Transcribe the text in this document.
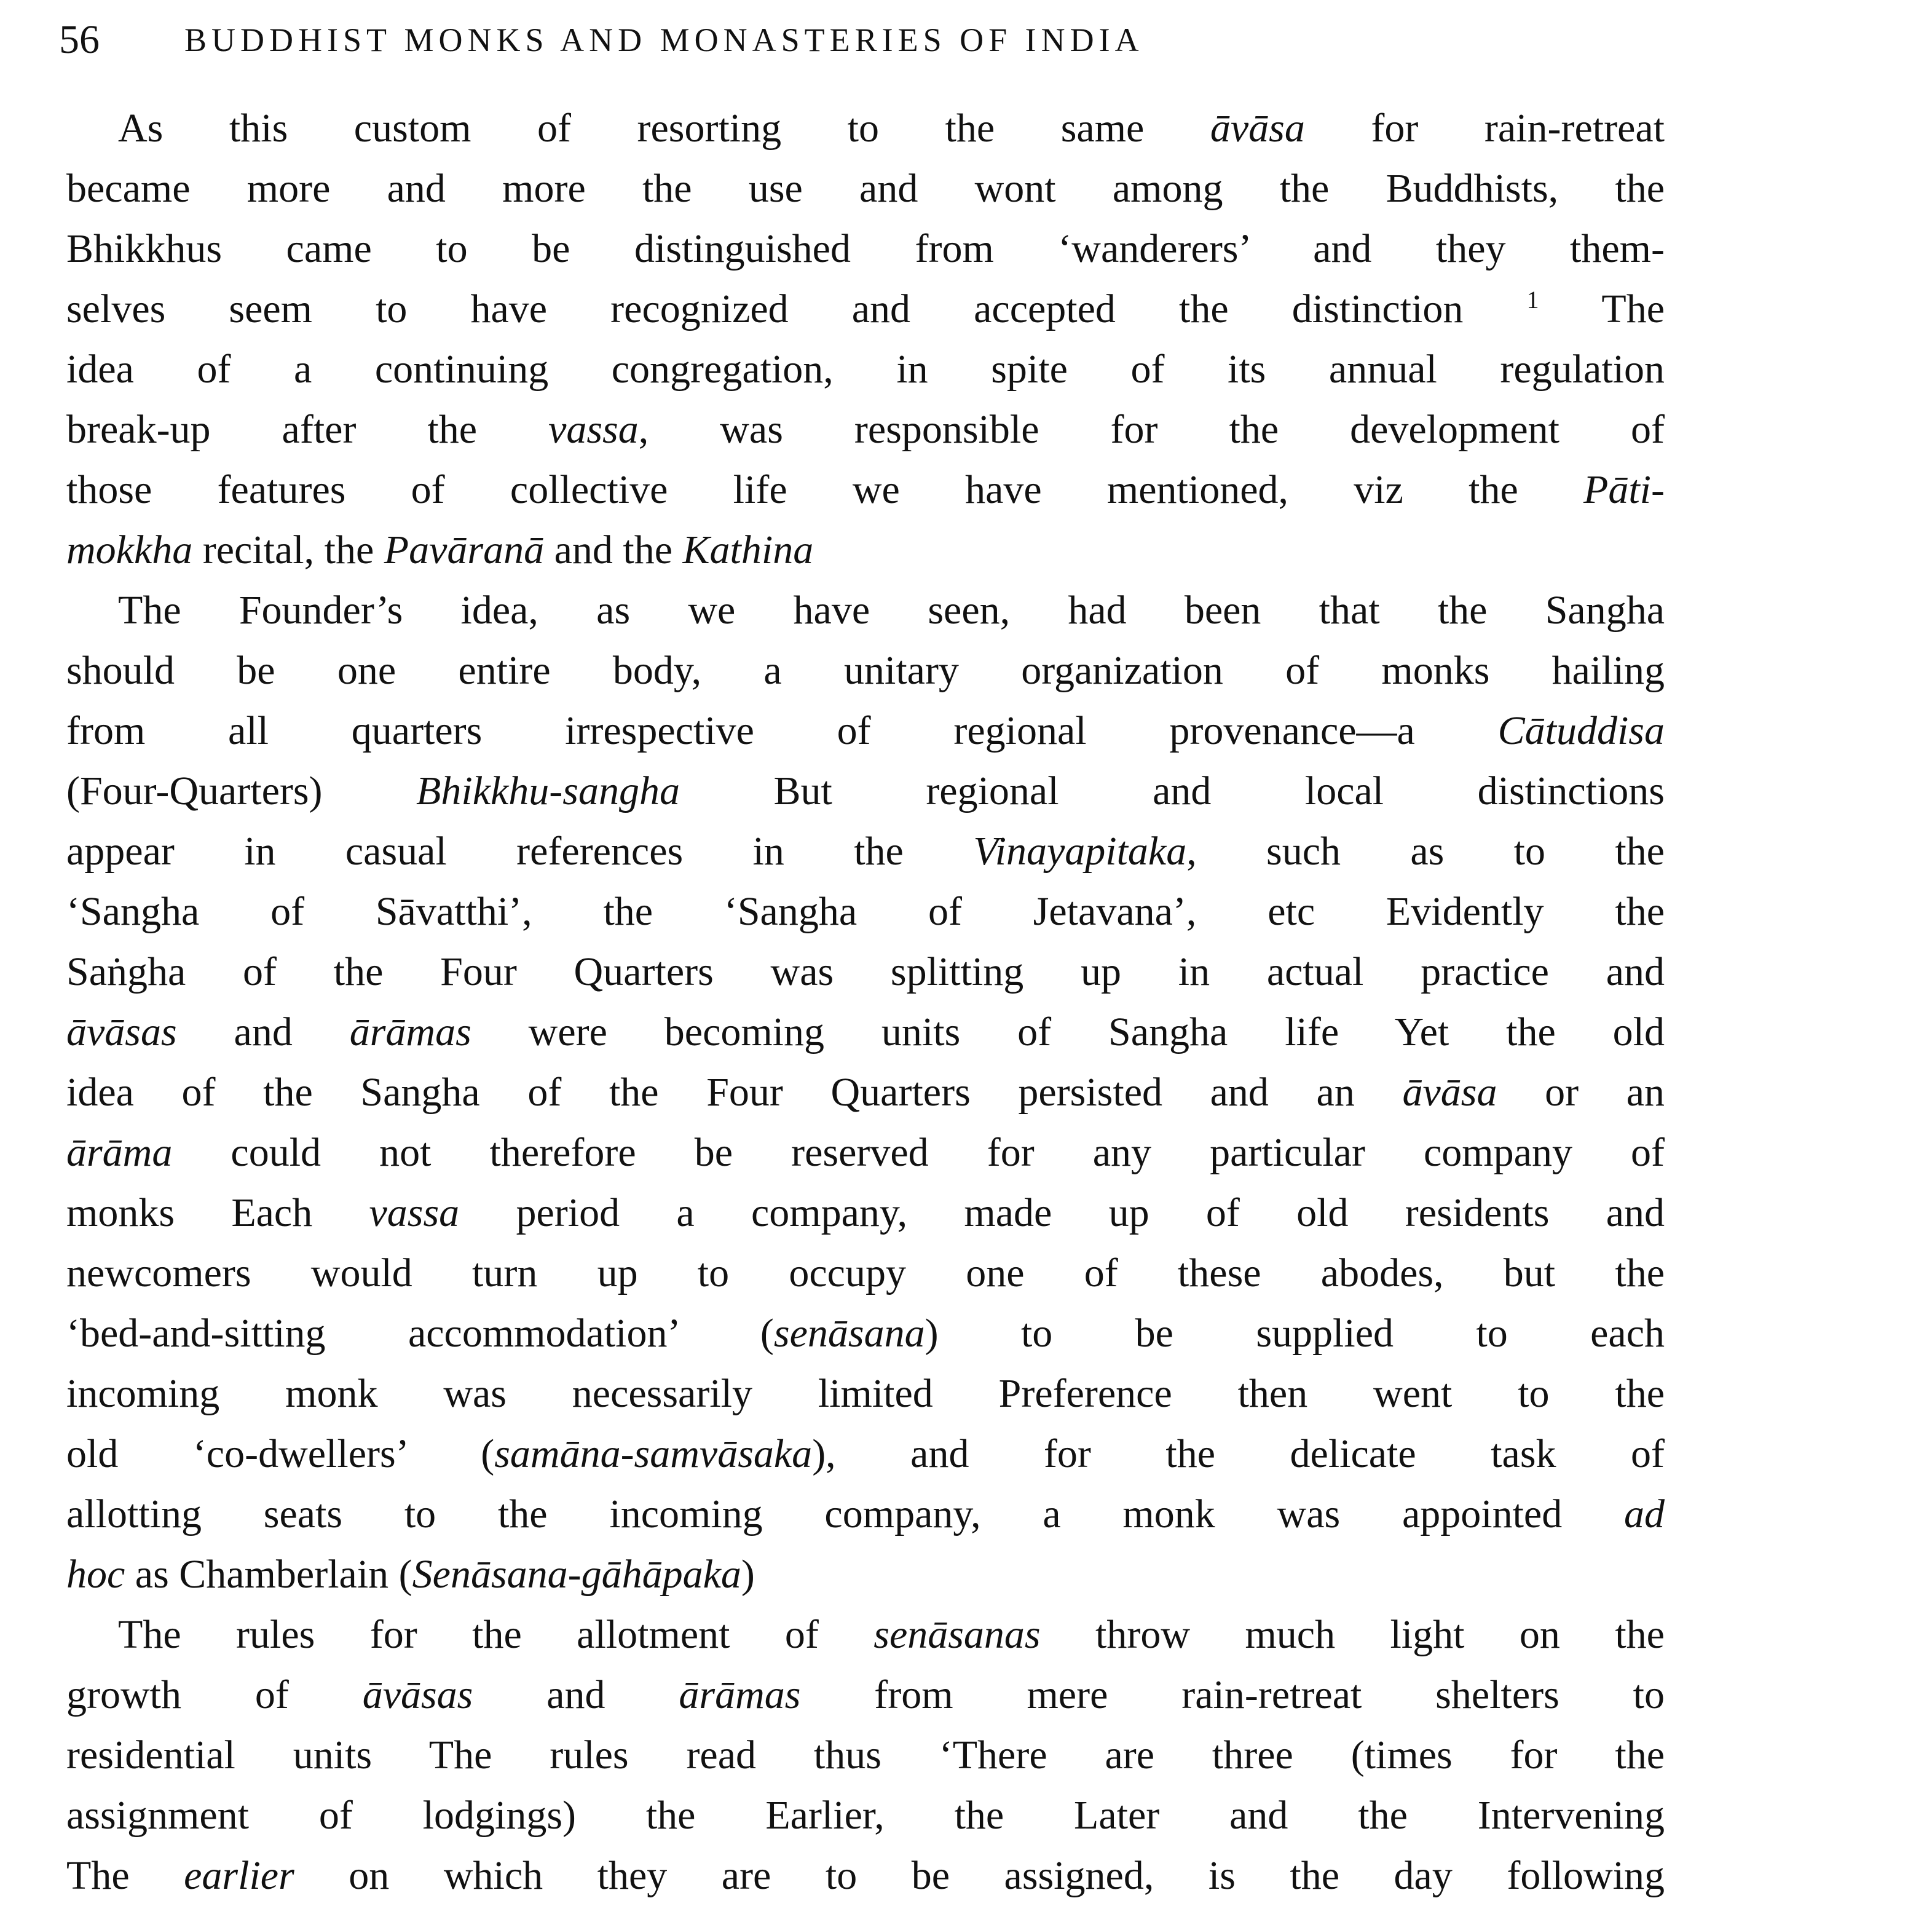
56	BUDDHIST MONKS AND MONASTERIES OF INDIA
As this custom of resorting to the same āvāsa for rain-retreat
became more and more the use and wont among the Buddhists, the
Bhikkhus came to be distinguished from ‘wanderers’ and they them-
selves seem to have recognized and accepted the distinction $^1$ The
idea of a continuing congregation, in spite of its annual regulation
break-up after the vassa, was responsible for the development of
those features of collective life we have mentioned, viz the Pāti-
mokkha recital, the Pavāranā and the Kathina
The Founder’s idea, as we have seen, had been that the Sangha
should be one entire body, a unitary organization of monks hailing
from all quarters irrespective of regional provenance—a Cātuddisa
(Four-Quarters) Bhikkhu-sangha But regional and local distinctions
appear in casual references in the Vinayapitaka, such as to the
‘Sangha of Sāvatthi’, the ‘Sangha of Jetavana’, etc Evidently the
Saṅgha of the Four Quarters was splitting up in actual practice and
āvāsas and ārāmas were becoming units of Sangha life Yet the old
idea of the Sangha of the Four Quarters persisted and an āvāsa or an
ārāma could not therefore be reserved for any particular company of
monks Each vassa period a company, made up of old residents and
newcomers would turn up to occupy one of these abodes, but the
‘bed-and-sitting accommodation’ (senāsana) to be supplied to each
incoming monk was necessarily limited Preference then went to the
old ‘co-dwellers’ (samāna-samvāsaka), and for the delicate task of
allotting seats to the incoming company, a monk was appointed ad
hoc as Chamberlain (Senāsana-gāhāpaka)
The rules for the allotment of senāsanas throw much light on the
growth of āvāsas and ārāmas from mere rain-retreat shelters to
residential units The rules read thus ‘There are three (times for the
assignment of lodgings) the Earlier, the Later and the Intervening
The earlier on which they are to be assigned, is the day following
